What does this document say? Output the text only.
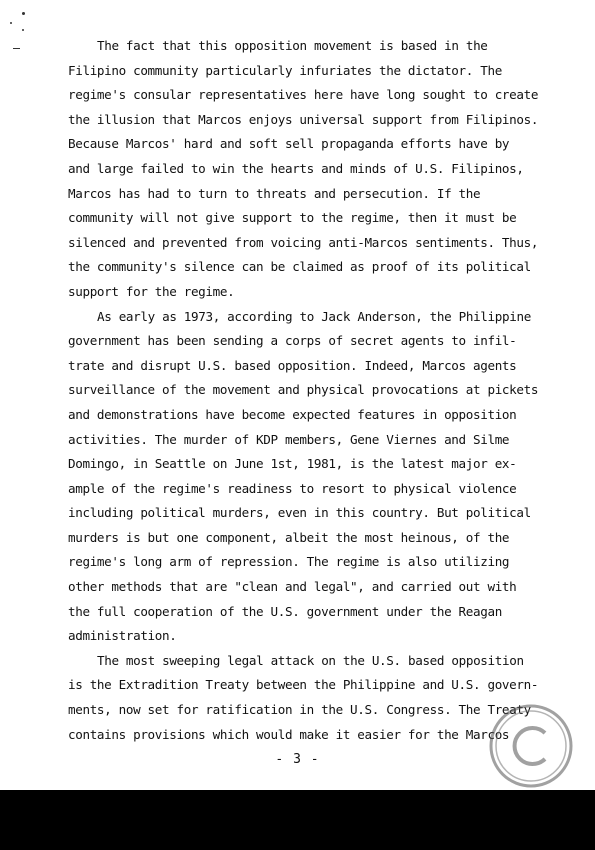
The fact that this opposition movement is based in the
Filipino community particularly infuriates the dictator. The
regime's consular representatives here have long sought to create
the illusion that Marcos enjoys universal support from Filipinos.
Because Marcos' hard and soft sell propaganda efforts have by
and large failed to win the hearts and minds of U.S. Filipinos,
Marcos has had to turn to threats and persecution. If the
community will not give support to the regime, then it must be
silenced and prevented from voicing anti-Marcos sentiments. Thus,
the community's silence can be claimed as proof of its political
support for the regime.
As early as 1973, according to Jack Anderson, the Philippine
government has been sending a corps of secret agents to infil-
trate and disrupt U.S. based opposition. Indeed, Marcos agents
surveillance of the movement and physical provocations at pickets
and demonstrations have become expected features in opposition
activities. The murder of KDP members, Gene Viernes and Silme
Domingo, in Seattle on June 1st, 1981, is the latest major ex-
ample of the regime's readiness to resort to physical violence
including political murders, even in this country. But political
murders is but one component, albeit the most heinous, of the
regime's long arm of repression. The regime is also utilizing
other methods that are "clean and legal", and carried out with
the full cooperation of the U.S. government under the Reagan
administration.
The most sweeping legal attack on the U.S. based opposition
is the Extradition Treaty between the Philippine and U.S. govern-
ments, now set for ratification in the U.S. Congress. The Treaty
contains provisions which would make it easier for the Marcos
- 3 -
